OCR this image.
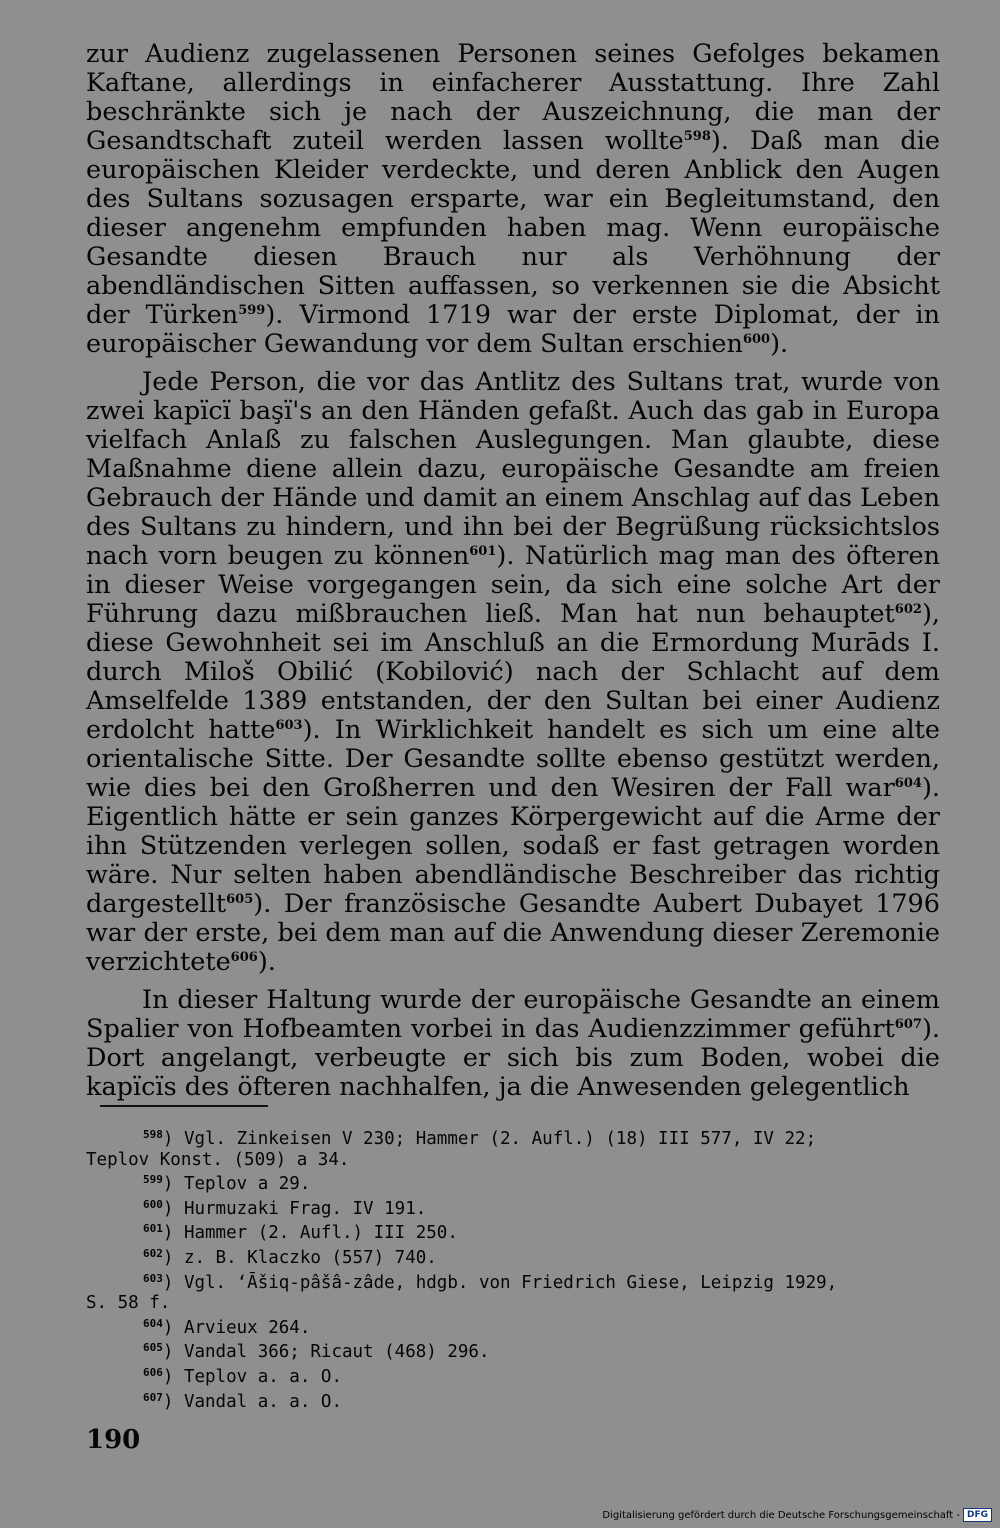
zur Audienz zugelassenen Personen seines Gefolges bekamen Kaftane, allerdings in einfacherer Ausstattung. Ihre Zahl beschränkte sich je nach der Auszeichnung, die man der Gesandtschaft zuteil werden lassen wollte$^{598}$). Daß man die europäischen Kleider verdeckte, und deren Anblick den Augen des Sultans sozusagen ersparte, war ein Begleitumstand, den dieser angenehm empfunden haben mag. Wenn europäische Gesandte diesen Brauch nur als Verhöhnung der abendländischen Sitten auffassen, so verkennen sie die Absicht der Türken$^{599}$). Virmond 1719 war der erste Diplomat, der in europäischer Gewandung vor dem Sultan erschien$^{600}$).

Jede Person, die vor das Antlitz des Sultans trat, wurde von zwei kapïcï başï's an den Händen gefaßt. Auch das gab in Europa vielfach Anlaß zu falschen Auslegungen. Man glaubte, diese Maßnahme diene allein dazu, europäische Gesandte am freien Gebrauch der Hände und damit an einem Anschlag auf das Leben des Sultans zu hindern, und ihn bei der Begrüßung rücksichtslos nach vorn beugen zu können$^{601}$). Natürlich mag man des öfteren in dieser Weise vorgegangen sein, da sich eine solche Art der Führung dazu mißbrauchen ließ. Man hat nun behauptet$^{602}$), diese Gewohnheit sei im Anschluß an die Ermordung Murāds I. durch Miloš Obilić (Kobilović) nach der Schlacht auf dem Amselfelde 1389 entstanden, der den Sultan bei einer Audienz erdolcht hatte$^{603}$). In Wirklichkeit handelt es sich um eine alte orientalische Sitte. Der Gesandte sollte ebenso gestützt werden, wie dies bei den Großherren und den Wesiren der Fall war$^{604}$). Eigentlich hätte er sein ganzes Körpergewicht auf die Arme der ihn Stützenden verlegen sollen, sodaß er fast getragen worden wäre. Nur selten haben abendländische Beschreiber das richtig dargestellt$^{605}$). Der französische Gesandte Aubert Dubayet 1796 war der erste, bei dem man auf die Anwendung dieser Zeremonie verzichtete$^{606}$).

In dieser Haltung wurde der europäische Gesandte an einem Spalier von Hofbeamten vorbei in das Audienzzimmer geführt$^{607}$). Dort angelangt, verbeugte er sich bis zum Boden, wobei die kapïcïs des öfteren nachhalfen, ja die Anwesenden gelegentlich

$^{598}$) Vgl. Zinkeisen V 230; Hammer (2. Aufl.) (18) III 577, IV 22;
Teplov Konst. (509) a 34.
$^{599}$) Teplov a 29.
$^{600}$) Hurmuzaki Frag. IV 191.
$^{601}$) Hammer (2. Aufl.) III 250.
$^{602}$) z. B. Klaczko (557) 740.
$^{603}$) Vgl. ‘Āšiq-pâšâ-zâde, hdgb. von Friedrich Giese, Leipzig 1929,
S. 58 f.
$^{604}$) Arvieux 264.
$^{605}$) Vandal 366; Ricaut (468) 296.
$^{606}$) Teplov a. a. O.
$^{607}$) Vandal a. a. O.
190
Digitalisierung gefördert durch die Deutsche Forschungsgemeinschaft - DFG
